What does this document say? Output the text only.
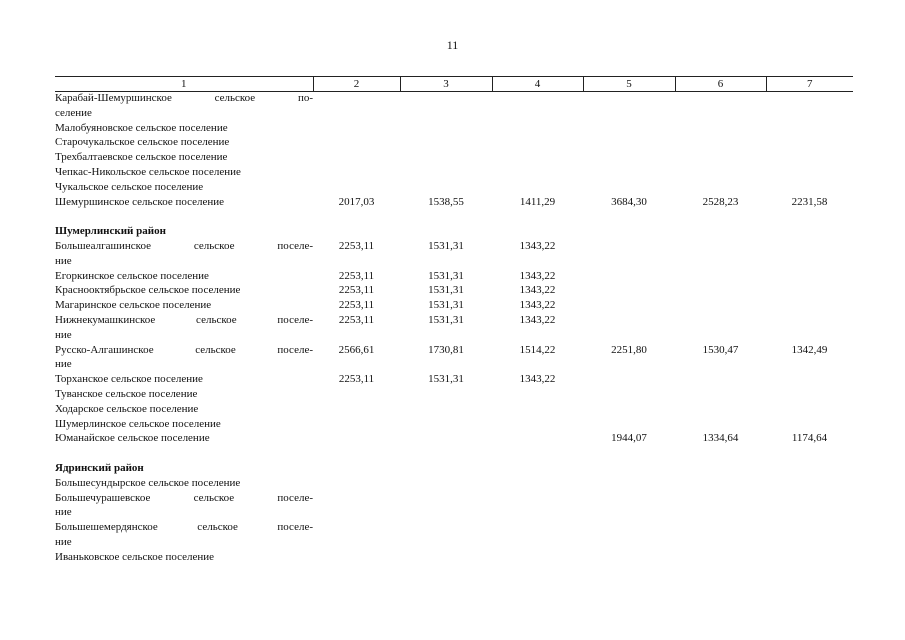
11
1	2	3	4	5	6	7
Карабай-Шемуршинское сельское по-						
селение						
Малобуяновское сельское поселение						
Старочукальское сельское поселение						
Трехбалтаевское сельское поселение						
Чепкас-Никольское сельское поселение						
Чукальское сельское поселение						
Шемуршинское сельское поселение	2017,03	1538,55	1411,29	3684,30	2528,23	2231,58

Шумерлинский район						
Большеалгашинское сельское поселе-	2253,11	1531,31	1343,22			
ние						
Егоркинское сельское поселение	2253,11	1531,31	1343,22			
Краснооктябрьское сельское поселение	2253,11	1531,31	1343,22			
Магаринское сельское поселение	2253,11	1531,31	1343,22			
Нижнекумашкинское сельское поселе-	2253,11	1531,31	1343,22			
ние						
Русско-Алгашинское сельское поселе-	2566,61	1730,81	1514,22	2251,80	1530,47	1342,49
ние						
Торханское сельское поселение	2253,11	1531,31	1343,22			
Туванское сельское поселение						
Ходарское сельское поселение						
Шумерлинское сельское поселение						
Юманайское сельское поселение				1944,07	1334,64	1174,64

Ядринский район						
Большесундырское сельское поселение						
Большечурашевское сельское поселе-						
ние						
Большешемердянское сельское поселе-						
ние						
Иваньковское сельское поселение						
